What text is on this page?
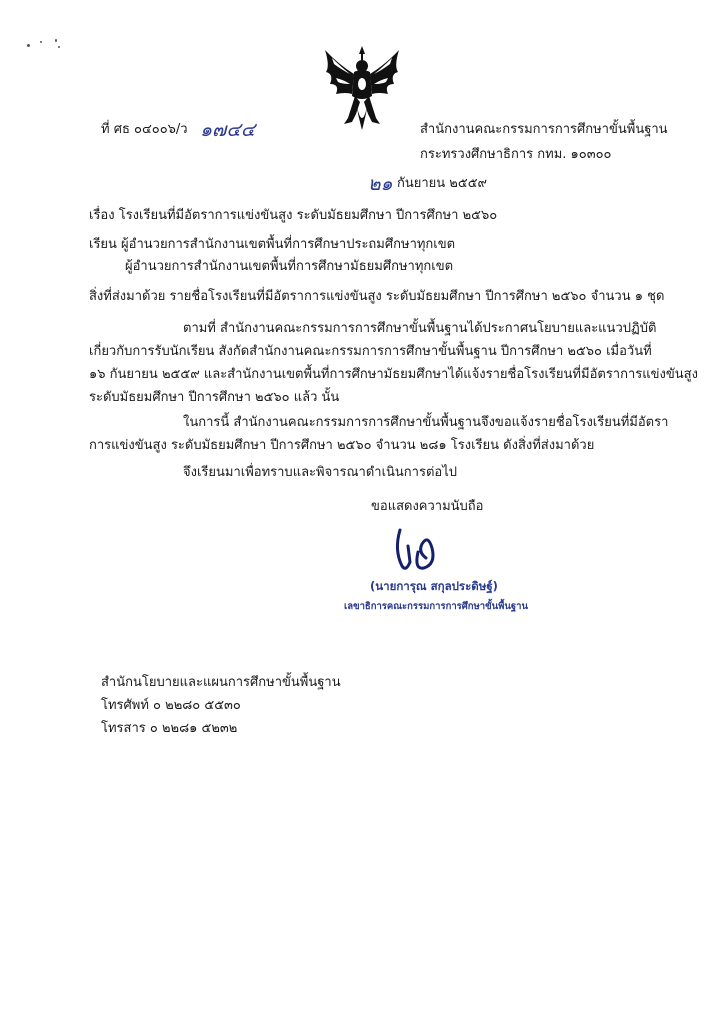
ที่ ศธ ๐๔๐๐๖/ว ๑๗๔๔	สำนักงานคณะกรรมการการศึกษาขั้นพื้นฐาน
กระทรวงศึกษาธิการ กทม. ๑๐๓๐๐
๒๑ กันยายน ๒๕๕๙
เรื่อง โรงเรียนที่มีอัตราการแข่งขันสูง ระดับมัธยมศึกษา ปีการศึกษา ๒๕๖๐
เรียน ผู้อำนวยการสำนักงานเขตพื้นที่การศึกษาประถมศึกษาทุกเขต
ผู้อำนวยการสำนักงานเขตพื้นที่การศึกษามัธยมศึกษาทุกเขต
สิ่งที่ส่งมาด้วย รายชื่อโรงเรียนที่มีอัตราการแข่งขันสูง ระดับมัธยมศึกษา ปีการศึกษา ๒๕๖๐ จำนวน ๑ ชุด
ตามที่ สำนักงานคณะกรรมการการศึกษาขั้นพื้นฐานได้ประกาศนโยบายและแนวปฏิบัติ
เกี่ยวกับการรับนักเรียน สังกัดสำนักงานคณะกรรมการการศึกษาขั้นพื้นฐาน ปีการศึกษา ๒๕๖๐ เมื่อวันที่
๑๖ กันยายน ๒๕๕๙ และสำนักงานเขตพื้นที่การศึกษามัธยมศึกษาได้แจ้งรายชื่อโรงเรียนที่มีอัตราการแข่งขันสูง
ระดับมัธยมศึกษา ปีการศึกษา ๒๕๖๐ แล้ว นั้น
ในการนี้ สำนักงานคณะกรรมการการศึกษาขั้นพื้นฐานจึงขอแจ้งรายชื่อโรงเรียนที่มีอัตรา
การแข่งขันสูง ระดับมัธยมศึกษา ปีการศึกษา ๒๕๖๐ จำนวน ๒๘๑ โรงเรียน ดังสิ่งที่ส่งมาด้วย
จึงเรียนมาเพื่อทราบและพิจารณาดำเนินการต่อไป
ขอแสดงความนับถือ
(นายการุณ สกุลประดิษฐ์)
เลขาธิการคณะกรรมการการศึกษาขั้นพื้นฐาน
สำนักนโยบายและแผนการศึกษาขั้นพื้นฐาน
โทรศัพท์ ๐ ๒๒๘๐ ๕๕๓๐
โทรสาร ๐ ๒๒๘๑ ๕๒๓๒
